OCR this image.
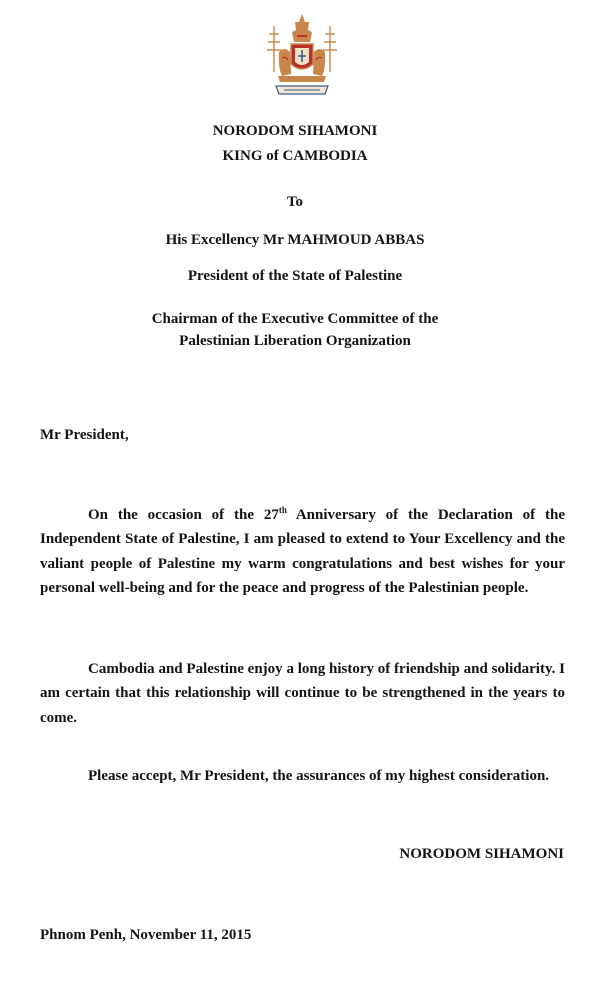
NORODOM SIHAMONI
KING of CAMBODIA
To
His Excellency Mr MAHMOUD ABBAS
President of the State of Palestine
Chairman of the Executive Committee of the
Palestinian Liberation Organization
Mr President,

On the occasion of the 27th Anniversary of the Declaration of the Independent State of Palestine, I am pleased to extend to Your Excellency and the valiant people of Palestine my warm congratulations and best wishes for your personal well-being and for the peace and progress of the Palestinian people.

Cambodia and Palestine enjoy a long history of friendship and solidarity. I am certain that this relationship will continue to be strengthened in the years to come.

Please accept, Mr President, the assurances of my highest consideration.

NORODOM SIHAMONI
Phnom Penh, November 11, 2015
